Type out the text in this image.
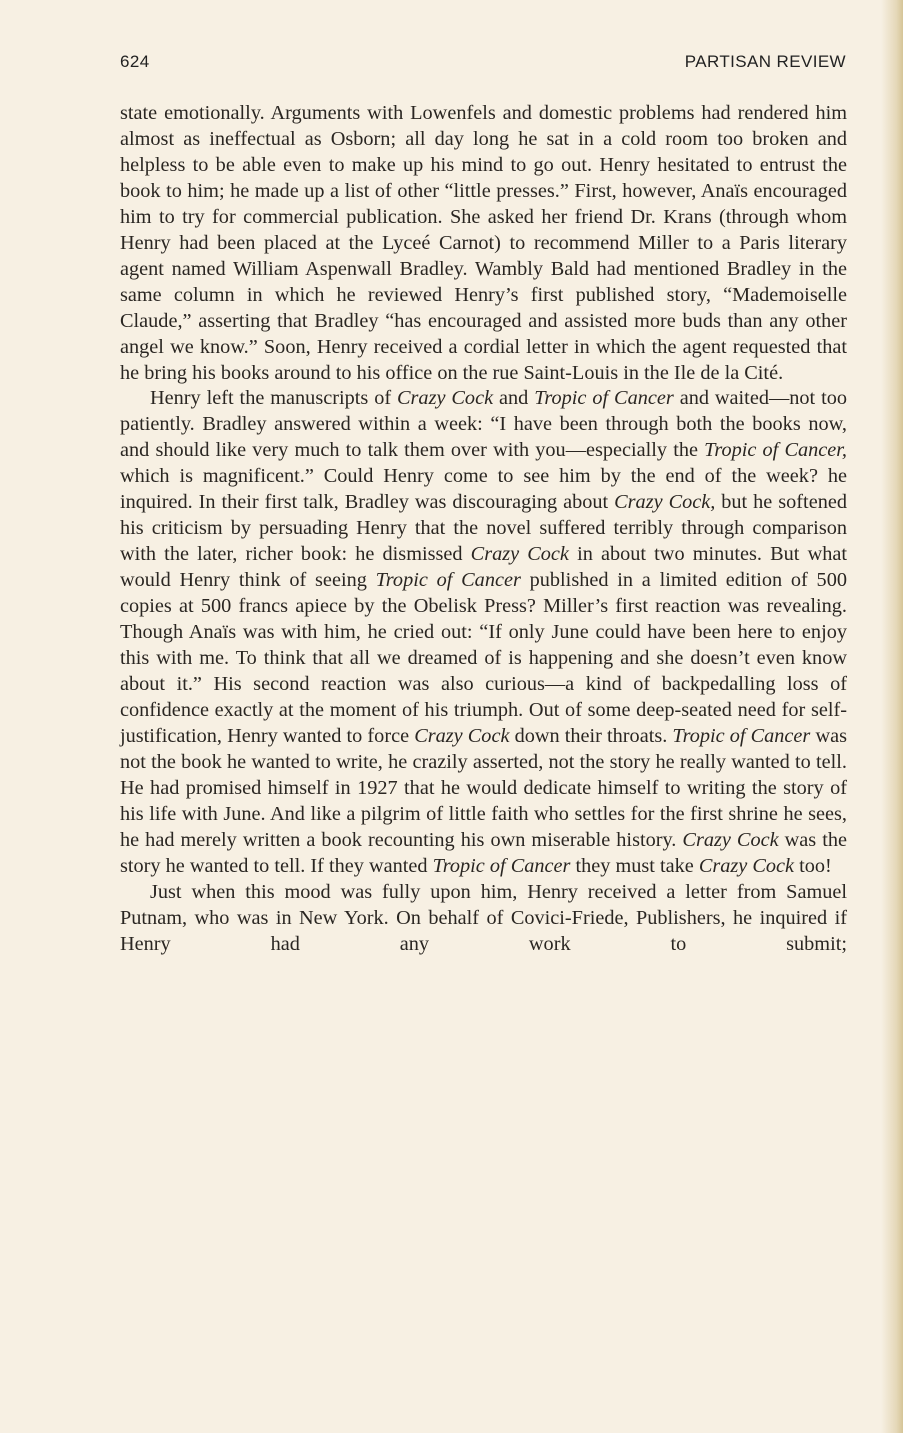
624	PARTISAN REVIEW

state emotionally. Arguments with Lowenfels and domestic problems had rendered him almost as ineffectual as Osborn; all day long he sat in a cold room too broken and helpless to be able even to make up his mind to go out. Henry hesitated to entrust the book to him; he made up a list of other “little presses.” First, however, Anaïs encouraged him to try for commercial publication. She asked her friend Dr. Krans (through whom Henry had been placed at the Lyceé Carnot) to recommend Miller to a Paris literary agent named William Aspenwall Bradley. Wambly Bald had mentioned Bradley in the same column in which he reviewed Henry’s first published story, “Mademoiselle Claude,” asserting that Bradley “has encouraged and assisted more buds than any other angel we know.” Soon, Henry received a cordial letter in which the agent requested that he bring his books around to his office on the rue Saint-Louis in the Ile de la Cité.

Henry left the manuscripts of Crazy Cock and Tropic of Cancer and waited—not too patiently. Bradley answered within a week: “I have been through both the books now, and should like very much to talk them over with you—especially the Tropic of Cancer, which is magnificent.” Could Henry come to see him by the end of the week? he inquired. In their first talk, Bradley was discouraging about Crazy Cock, but he softened his criticism by persuading Henry that the novel suffered terribly through comparison with the later, richer book: he dismissed Crazy Cock in about two minutes. But what would Henry think of seeing Tropic of Cancer published in a limited edition of 500 copies at 500 francs apiece by the Obelisk Press? Miller’s first reaction was revealing. Though Anaïs was with him, he cried out: “If only June could have been here to enjoy this with me. To think that all we dreamed of is happening and she doesn’t even know about it.” His second reaction was also curious—a kind of backpedalling loss of confidence exactly at the moment of his triumph. Out of some deep-seated need for self-justification, Henry wanted to force Crazy Cock down their throats. Tropic of Cancer was not the book he wanted to write, he crazily asserted, not the story he really wanted to tell. He had promised himself in 1927 that he would dedicate himself to writing the story of his life with June. And like a pilgrim of little faith who settles for the first shrine he sees, he had merely written a book recounting his own miserable history. Crazy Cock was the story he wanted to tell. If they wanted Tropic of Cancer they must take Crazy Cock too!

Just when this mood was fully upon him, Henry received a letter from Samuel Putnam, who was in New York. On behalf of Covici-Friede, Publishers, he inquired if Henry had any work to submit;
